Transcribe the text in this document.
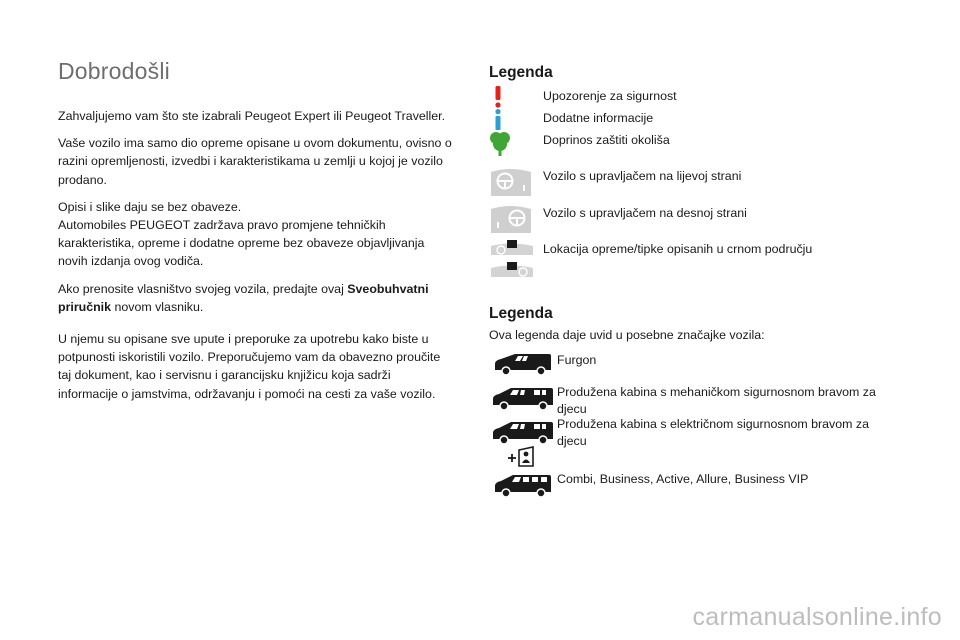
Dobrodošli

Zahvaljujemo vam što ste izabrali Peugeot Expert ili Peugeot Traveller.

Vaše vozilo ima samo dio opreme opisane u ovom dokumentu, ovisno o razini opremljenosti, izvedbi i karakteristikama u zemlji u kojoj je vozilo prodano.

Opisi i slike daju se bez obaveze.
Automobiles PEUGEOT zadržava pravo promjene tehničkih karakteristika, opreme i dodatne opreme bez obaveze objavljivanja novih izdanja ovog vodiča.

Ako prenosite vlasništvo svojeg vozila, predajte ovaj Sveobuhvatni priručnik novom vlasniku.

U njemu su opisane sve upute i preporuke za upotrebu kako biste u potpunosti iskoristili vozilo. Preporučujemo vam da obavezno proučite taj dokument, kao i servisnu i garancijsku knjižicu koja sadrži informacije o jamstvima, održavanju i pomoći na cesti za vaše vozilo.

Legenda
Upozorenje za sigurnost
Dodatne informacije
Doprinos zaštiti okoliša
Vozilo s upravljačem na lijevoj strani
Vozilo s upravljačem na desnoj strani
Lokacija opreme/tipke opisanih u crnom području
Legenda
Ova legenda daje uvid u posebne značajke vozila:
Furgon
Produžena kabina s mehaničkom sigurnosnom bravom za djecu
Produžena kabina s električnom sigurnosnom bravom za djecu
Combi, Business, Active, Allure, Business VIP
carmanualsonline.info
